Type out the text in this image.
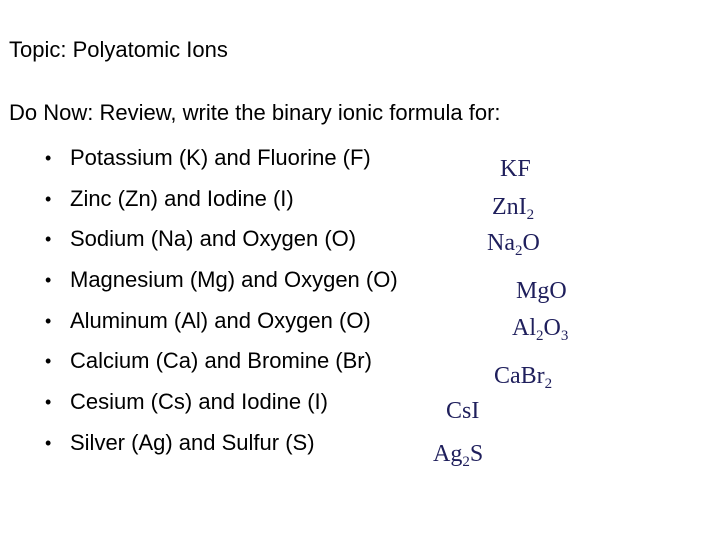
Topic: Polyatomic Ions
Do Now: Review, write the binary ionic formula for:
• Potassium (K) and Fluorine (F)
• Zinc (Zn) and Iodine (I)
• Sodium (Na) and Oxygen (O)
• Magnesium (Mg) and Oxygen (O)
• Aluminum (Al) and Oxygen (O)
• Calcium (Ca) and Bromine (Br)
• Cesium (Cs) and Iodine (I)
• Silver (Ag) and Sulfur (S)
KF
ZnI$_2$
$Na_2O$
MgO
$Al_2O_3$
CaBr$_2$
CsI
$Ag_2S$
